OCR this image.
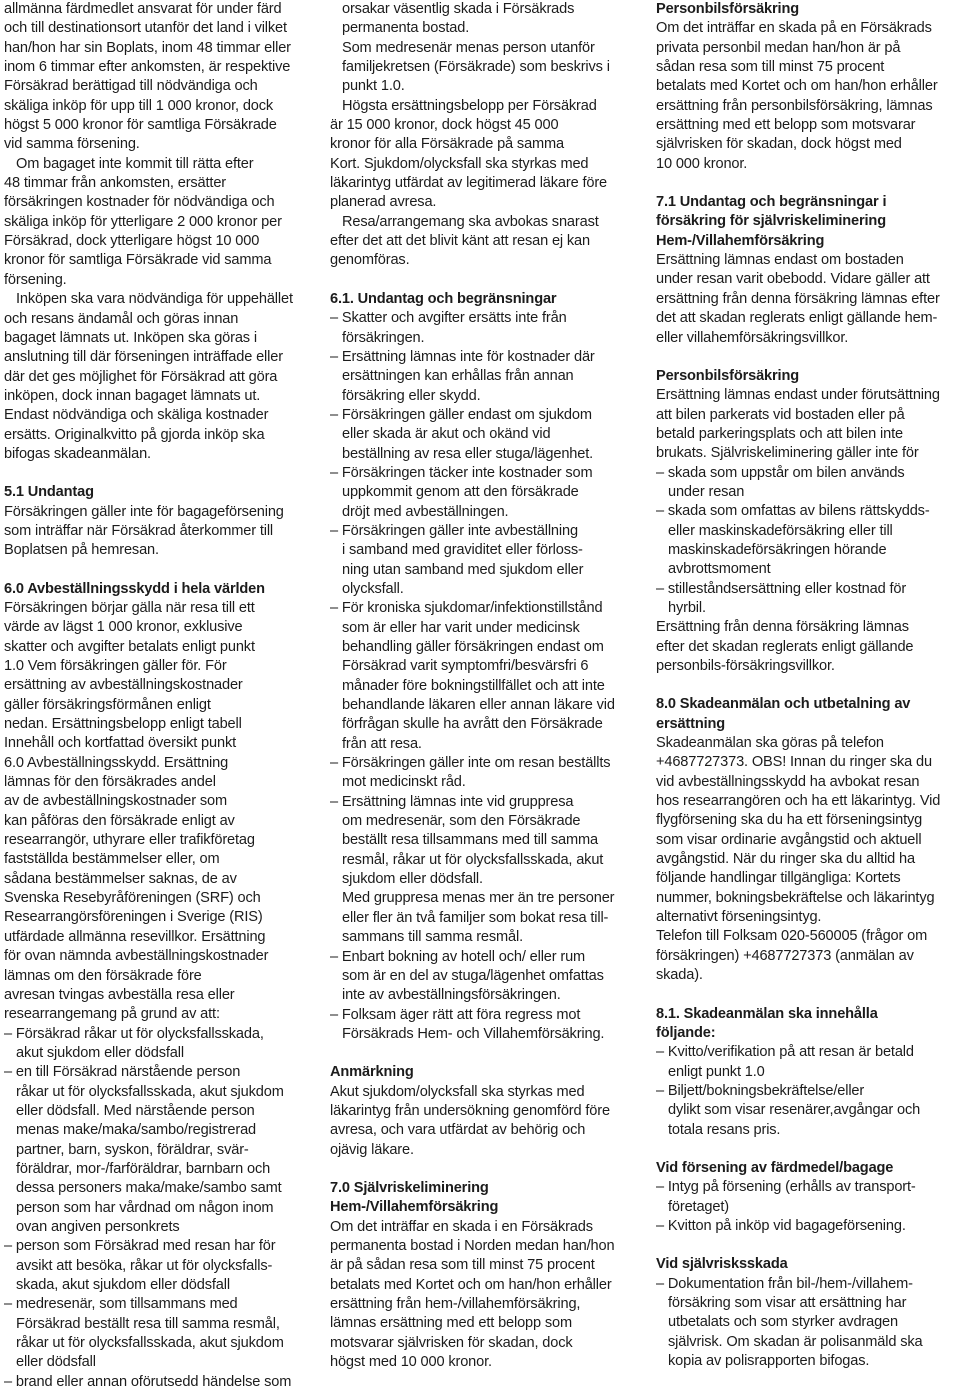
allmänna färdmedlet ansvarat för under färd
och till destinationsort utanför det land i vilket
han/hon har sin Boplats, inom 48 timmar eller
inom 6 timmar efter ankomsten, är respektive
Försäkrad berättigad till nödvändiga och
skäliga inköp för upp till 1 000 kronor, dock
högst 5 000 kronor för samtliga Försäkrade
vid samma försening.

Om bagaget inte kommit till rätta efter
48 timmar från ankomsten, ersätter
försäkringen kostnader för nödvändiga och
skäliga inköp för ytterligare 2 000 kronor per
Försäkrad, dock ytterligare högst 10 000
kronor för samtliga Försäkrade vid samma
försening.

Inköpen ska vara nödvändiga för uppehället
och resans ändamål och göras innan
bagaget lämnats ut. Inköpen ska göras i
anslutning till där förseningen inträffade eller
där det ges möjlighet för Försäkrad att göra
inköpen, dock innan bagaget lämnats ut.
Endast nödvändiga och skäliga kostnader
ersätts. Originalkvitto på gjorda inköp ska
bifogas skadeanmälan.

5.1 Undantag

Försäkringen gäller inte för bagageförsening
som inträffar när Försäkrad återkommer till
Boplatsen på hemresan.

6.0 Avbeställningsskydd i hela världen

Försäkringen börjar gälla när resa till ett
värde av lägst 1 000 kronor, exklusive
skatter och avgifter betalats enligt punkt
1.0 Vem försäkringen gäller för. För
ersättning av avbeställningskostnader
gäller försäkringsförmånen enligt
nedan. Ersättningsbelopp enligt tabell
Innehåll och kortfattad översikt punkt
6.0 Avbeställningsskydd. Ersättning
lämnas för den försäkrades andel
av de avbeställningskostnader som
kan påföras den försäkrade enligt av
researrangör, uthyrare eller trafikföretag
fastställda bestämmelser eller, om
sådana bestämmelser saknas, de av
Svenska Resebyråföreningen (SRF) och
Researrangörsföreningen i Sverige (RIS)
utfärdade allmänna resevillkor. Ersättning
för ovan nämnda avbeställningskostnader
lämnas om den försäkrade före
avresan tvingas avbeställa resa eller
researrangemang på grund av att:

– Försäkrad råkar ut för olycksfallsskada,
akut sjukdom eller dödsfall

– en till Försäkrad närstående person
råkar ut för olycksfallsskada, akut sjukdom
eller dödsfall. Med närstående person
menas make/maka/sambo/registrerad
partner, barn, syskon, föräldrar, svär-
föräldrar, mor-/farföräldrar, barnbarn och
dessa personers maka/make/sambo samt
person som har vårdnad om någon inom
ovan angiven personkrets

– person som Försäkrad med resan har för
avsikt att besöka, råkar ut för olycksfalls-
skada, akut sjukdom eller dödsfall

– medresenär, som tillsammans med
Försäkrad beställt resa till samma resmål,
råkar ut för olycksfallsskada, akut sjukdom
eller dödsfall

– brand eller annan oförutsedd händelse som

orsakar väsentlig skada i Försäkrads
permanenta bostad.
Som medresenär menas person utanför
familjekretsen (Försäkrade) som beskrivs i
punkt 1.0.

Högsta ersättningsbelopp per Försäkrad
är 15 000 kronor, dock högst 45 000
kronor för alla Försäkrade på samma
Kort. Sjukdom/olycksfall ska styrkas med
läkarintyg utfärdat av legitimerad läkare före
planerad avresa.

Resa/arrangemang ska avbokas snarast
efter det att det blivit känt att resan ej kan
genomföras.

6.1. Undantag och begränsningar

– Skatter och avgifter ersätts inte från
försäkringen.

– Ersättning lämnas inte för kostnader där
ersättningen kan erhållas från annan
försäkring eller skydd.

– Försäkringen gäller endast om sjukdom
eller skada är akut och okänd vid
beställning av resa eller stuga/lägenhet.

– Försäkringen täcker inte kostnader som
uppkommit genom att den försäkrade
dröjt med avbeställningen.

– Försäkringen gäller inte avbeställning
i samband med graviditet eller förloss-
ning utan samband med sjukdom eller
olycksfall.

– För kroniska sjukdomar/infektionstillstånd
som är eller har varit under medicinsk
behandling gäller försäkringen endast om
Försäkrad varit symptomfri/besvärsfri 6
månader före bokningstillfället och att inte
behandlande läkaren eller annan läkare vid
förfrågan skulle ha avrått den Försäkrade
från att resa.

– Försäkringen gäller inte om resan beställts
mot medicinskt råd.

– Ersättning lämnas inte vid gruppresa
om medresenär, som den Försäkrade
beställt resa tillsammans med till samma
resmål, råkar ut för olycksfallsskada, akut
sjukdom eller dödsfall.
Med gruppresa menas mer än tre personer
eller fler än två familjer som bokat resa till-
sammans till samma resmål.

– Enbart bokning av hotell och/ eller rum
som är en del av stuga/lägenhet omfattas
inte av avbeställningsförsäkringen.

– Folksam äger rätt att föra regress mot
Försäkrads Hem- och Villahemförsäkring.

Anmärkning

Akut sjukdom/olycksfall ska styrkas med
läkarintyg från undersökning genomförd före
avresa, och vara utfärdat av behörig och
ojävig läkare.

7.0 Självriskeliminering
Hem-/Villahemförsäkring

Om det inträffar en skada i en Försäkrads
permanenta bostad i Norden medan han/hon
är på sådan resa som till minst 75 procent
betalats med Kortet och om han/hon erhåller
ersättning från hem-/villahemförsäkring,
lämnas ersättning med ett belopp som
motsvarar självrisken för skadan, dock
högst med 10 000 kronor.

Personbilsförsäkring

Om det inträffar en skada på en Försäkrads
privata personbil medan han/hon är på
sådan resa som till minst 75 procent
betalats med Kortet och om han/hon erhåller
ersättning från personbilsförsäkring, lämnas
ersättning med ett belopp som motsvarar
självrisken för skadan, dock högst med
10 000 kronor.

7.1 Undantag och begränsningar i
försäkring för självriskeliminering
Hem-/Villahemförsäkring

Ersättning lämnas endast om bostaden
under resan varit obebodd. Vidare gäller att
ersättning från denna försäkring lämnas efter
det att skadan reglerats enligt gällande hem-
eller villahemförsäkringsvillkor.

Personbilsförsäkring

Ersättning lämnas endast under förutsättning
att bilen parkerats vid bostaden eller på
betald parkeringsplats och att bilen inte
brukats. Självriskeliminering gäller inte för

– skada som uppstår om bilen används
under resan

– skada som omfattas av bilens rättskydds-
eller maskinskadeförsäkring eller till
maskinskadeförsäkringen hörande
avbrottsmoment

– stilleståndsersättning eller kostnad för
hyrbil.

Ersättning från denna försäkring lämnas
efter det skadan reglerats enligt gällande
personbils-försäkringsvillkor.

8.0 Skadeanmälan och utbetalning av
ersättning

Skadeanmälan ska göras på telefon
+4687727373. OBS! Innan du ringer ska du
vid avbeställningsskydd ha avbokat resan
hos researrangören och ha ett läkarintyg. Vid
flygförsening ska du ha ett förseningsintyg
som visar ordinarie avgångstid och aktuell
avgångstid. När du ringer ska du alltid ha
följande handlingar tillgängliga: Kortets
nummer, bokningsbekräftelse och läkarintyg
alternativt förseningsintyg.

Telefon till Folksam 020-560005 (frågor om
försäkringen) +4687727373 (anmälan av
skada).

8.1. Skadeanmälan ska innehålla
följande:

– Kvitto/verifikation på att resan är betald
enligt punkt 1.0

– Biljett/bokningsbekräftelse/eller
dylikt som visar resenärer,avgångar och
totala resans pris.

Vid försening av färdmedel/bagage

– Intyg på försening (erhålls av transport-
företaget)

– Kvitton på inköp vid bagageförsening.

Vid självrisksskada

– Dokumentation från bil-/hem-/villahem-
försäkring som visar att ersättning har
utbetalats och som styrker avdragen
självrisk. Om skadan är polisanmäld ska
kopia av polisrapporten bifogas.
